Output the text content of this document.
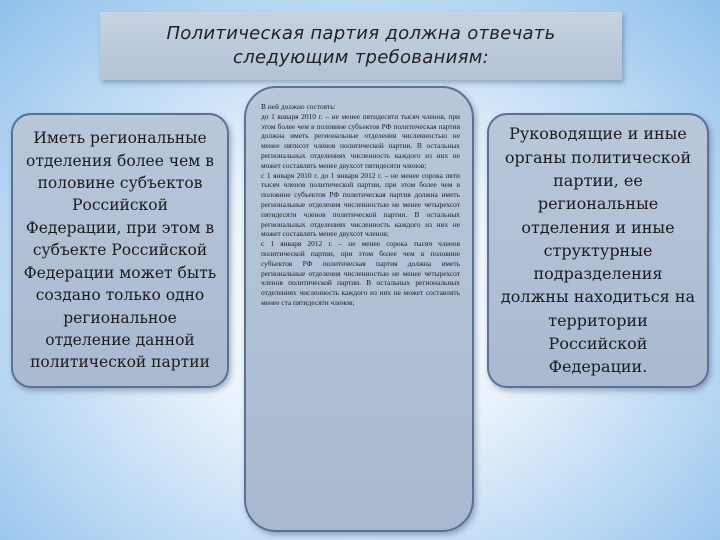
Политическая партия должна отвечать
следующим требованиям:
Иметь региональные отделения более чем в половине субъектов Российской Федерации, при этом в субъекте Российской Федерации может быть создано только одно региональное отделение данной политической партии
В ней должно состоять:
до 1 января 2010 г. – не менее пятидесяти тысяч членов, при этом более чем в половине субъектов РФ политическая партия должна иметь региональные отделения численностью не менее пятисот членов политической партии. В остальных региональных отделениях численность каждого из них не может составлять менее двухсот пятидесяти членов;
с 1 января 2010 г. до 1 января 2012 г. – не менее сорока пяти тысяч членов политической партии, при этом более чем в половине субъектов РФ политическая партия должна иметь региональные отделения численностью не менее четырехсот пятидесяти членов политической партии. В остальных региональных отделениях численность каждого из них не может составлять менее двухсот членов;
с 1 января 2012 г. – не менее сорока тысяч членов политической партии, при этом более чем в половине субъектов РФ политическая партия должна иметь региональные отделения численностью не менее четырехсот членов политической партии. В остальных региональных отделениях численность каждого из них не может составлять менее ста пятидесяти членов;
Руководящие и иные органы политической партии, ее региональные отделения и иные структурные подразделения должны находиться на территории Российской Федерации.
